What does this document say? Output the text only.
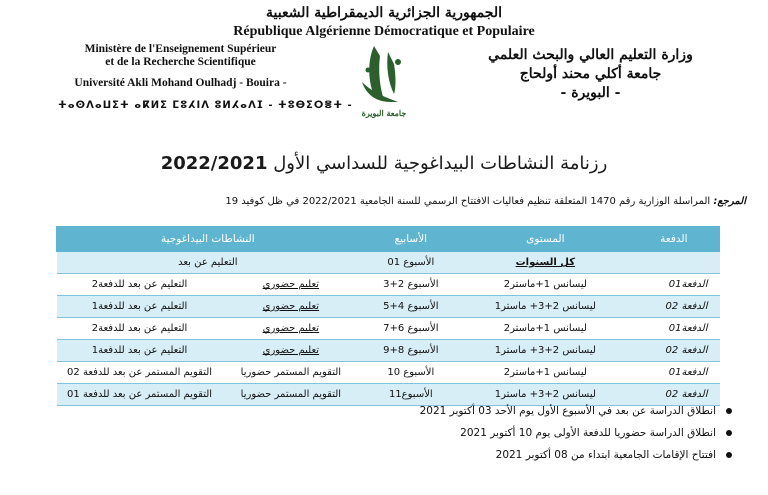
الجمهورية الجزائرية الديمقراطية الشعبية
République Algérienne Démocratique et Populaire
Ministère de l'Enseignement Supérieur
et de la Recherche Scientifique
Université Akli Mohand Oulhadj - Bouira -
ⵜⴰⵙⴷⴰⵡⵉⵜ ⴰⴽⵍⵉ ⵎⵓⵃⵏⴷ ⵓⵍⵃⴰⴷⵊ - ⵜⵓⴱⵉⵔⴻⵜ -
جامعة البويرة
وزارة التعليم العالي والبحث العلمي
جامعة أكلي محند أولحاج
- البويرة -
رزنامة النشاطات البيداغوجية للسداسي الأول 2022/2021
المرجع: المراسلة الوزارية رقم 1470 المتعلقة تنظيم فعاليات الافتتاح الرسمي للسنة الجامعية 2022/2021 في ظل كوفيد 19
الدفعة	المستوى	الأسابيع	النشاطات البيداغوجية	
	كل السنوات	الأسبوع 01	التعليم عن بعد	
الدفعة01	ليسانس 1+ماستر2	الأسبوع 2+3	تعليم حضوري	التعليم عن بعد للدفعة2
الدفعة 02	ليسانس 2+3+ ماستر1	الأسبوع 4+5	تعليم حضوري	التعليم عن بعد للدفعة1
الدفعة01	ليسانس 1+ماستر2	الأسبوع 6+7	تعليم حضوري	التعليم عن بعد للدفعة2
الدفعة 02	ليسانس 2+3+ ماستر1	الأسبوع 8+9	تعليم حضوري	التعليم عن بعد للدفعة1
الدفعة01	ليسانس 1+ماستر2	الأسبوع 10	التقويم المستمر حضوريا	التقويم المستمر عن بعد للدفعة 02
الدفعة 02	ليسانس 2+3+ ماستر1	الأسبوع11	التقويم المستمر حضوريا	التقويم المستمر عن بعد للدفعة 01
انطلاق الدراسة عن بعد في الأسبوع الأول يوم الأحد 03 أكتوبر 2021
انطلاق الدراسة حضوريا للدفعة الأولى يوم 10 أكتوبر 2021
افتتاح الإقامات الجامعية ابتداء من 08 أكتوبر 2021
